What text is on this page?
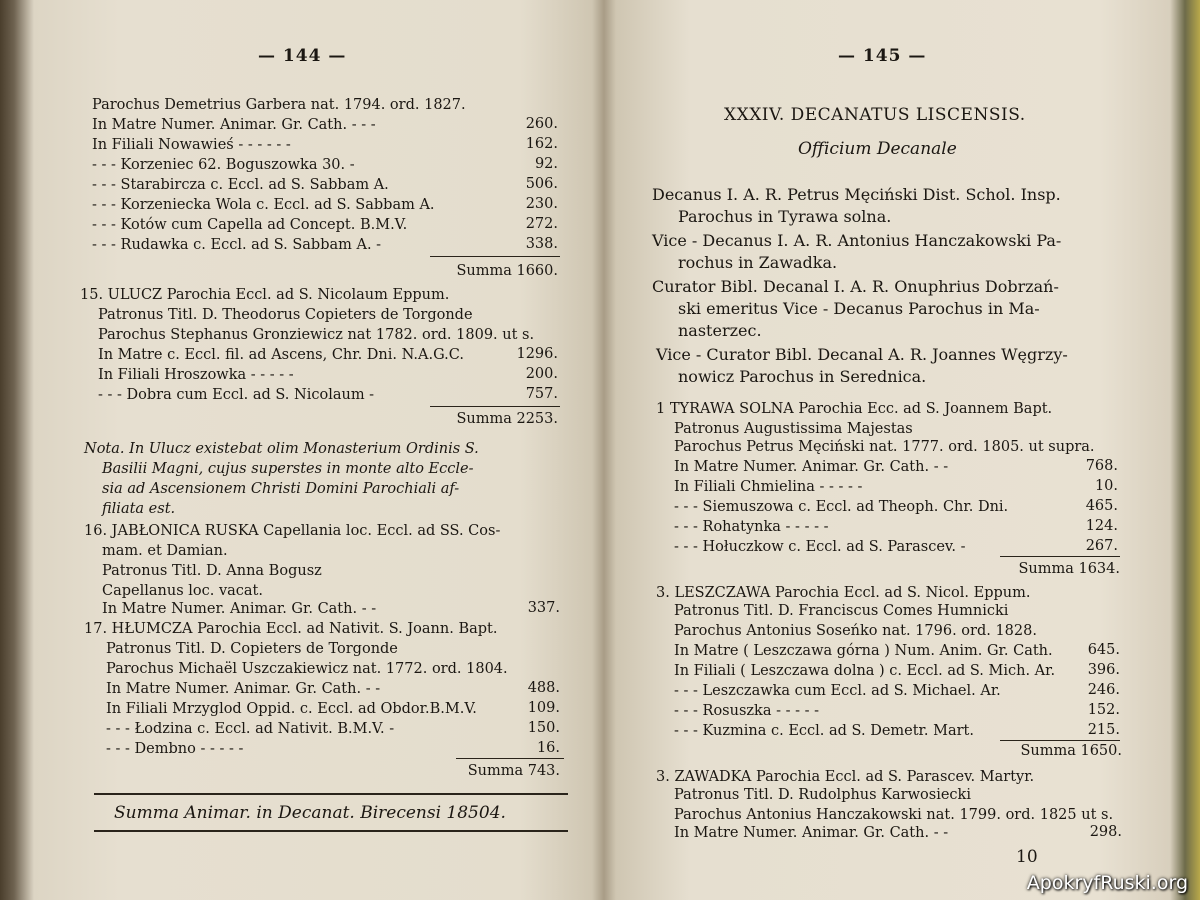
— 144 —
Parochus Demetrius Garbera nat. 1794. ord. 1827.
In Matre Numer. Animar. Gr. Cath. - - -	260.
In Filiali Nowawieś - - - - - -	162.
- - - Korzeniec 62. Boguszowka 30. -	92.
- - - Starabircza c. Eccl. ad S. Sabbam A.	506.
- - - Korzeniecka Wola c. Eccl. ad S. Sabbam A.	230.
- - - Kotów cum Capella ad Concept. B.M.V.	272.
- - - Rudawka c. Eccl. ad S. Sabbam A. -	338.
Summa 1660.
15. ULUCZ Parochia Eccl. ad S. Nicolaum Eppum.
Patronus Titl. D. Theodorus Copieters de Torgonde
Parochus Stephanus Gronziewicz nat 1782. ord. 1809. ut s.
In Matre c. Eccl. fil. ad Ascens, Chr. Dni. N.A.G.C.	1296.
In Filiali Hroszowka - - - - -	200.
- - - Dobra cum Eccl. ad S. Nicolaum -	757.
Summa 2253.
Nota. In Ulucz existebat olim Monasterium Ordinis S.
Basilii Magni, cujus superstes in monte alto Eccle-
sia ad Ascensionem Christi Domini Parochiali af-
filiata est.
16. JABŁONICA RUSKA Capellania loc. Eccl. ad SS. Cos-
mam. et Damian.
Patronus Titl. D. Anna Bogusz
Capellanus loc. vacat.
In Matre Numer. Animar. Gr. Cath. - -	337.
17. HŁUMCZA Parochia Eccl. ad Nativit. S. Joann. Bapt.
Patronus Titl. D. Copieters de Torgonde
Parochus Michaël Uszczakiewicz nat. 1772. ord. 1804.
In Matre Numer. Animar. Gr. Cath. - -	488.
In Filiali Mrzyglod Oppid. c. Eccl. ad Obdor.B.M.V.	109.
- - - Łodzina c. Eccl. ad Nativit. B.M.V. -	150.
- - - Dembno - - - - -	16.
Summa 743.
Summa Animar. in Decanat. Birecensi 18504.
— 145 —
XXXIV. DECANATUS LISCENSIS.
Officium Decanale
Decanus I. A. R. Petrus Męciński Dist. Schol. Insp.
Parochus in Tyrawa solna.
Vice - Decanus I. A. R. Antonius Hanczakowski Pa-
rochus in Zawadka.
Curator Bibl. Decanal I. A. R. Onuphrius Dobrzań-
ski emeritus Vice - Decanus Parochus in Ma-
nasterzec.
Vice - Curator Bibl. Decanal A. R. Joannes Węgrzy-
nowicz Parochus in Serednica.
1 TYRAWA SOLNA Parochia Ecc. ad S. Joannem Bapt.
Patronus Augustissima Majestas
Parochus Petrus Męciński nat. 1777. ord. 1805. ut supra.
In Matre Numer. Animar. Gr. Cath. - -	768.
In Filiali Chmielina - - - - -	10.
- - - Siemuszowa c. Eccl. ad Theoph. Chr. Dni.	465.
- - - Rohatynka - - - - -	124.
- - - Hołuczkow c. Eccl. ad S. Parascev. -	267.
Summa 1634.
3. LESZCZAWA Parochia Eccl. ad S. Nicol. Eppum.
Patronus Titl. D. Franciscus Comes Humnicki
Parochus Antonius Soseńko nat. 1796. ord. 1828.
In Matre ( Leszczawa górna ) Num. Anim. Gr. Cath. 645.
In Filiali ( Leszczawa dolna ) c. Eccl. ad S. Mich. Ar. 396.
- - - Leszczawka cum Eccl. ad S. Michael. Ar.	246.
- - - Rosuszka - - - - -	152.
- - - Kuzmina c. Eccl. ad S. Demetr. Mart.	215.
Summa 1650.
3. ZAWADKA Parochia Eccl. ad S. Parascev. Martyr.
Patronus Titl. D. Rudolphus Karwosiecki
Parochus Antonius Hanczakowski nat. 1799. ord. 1825 ut s.
In Matre Numer. Animar. Gr. Cath. - -	298.
10
ApokryfRuski.org
